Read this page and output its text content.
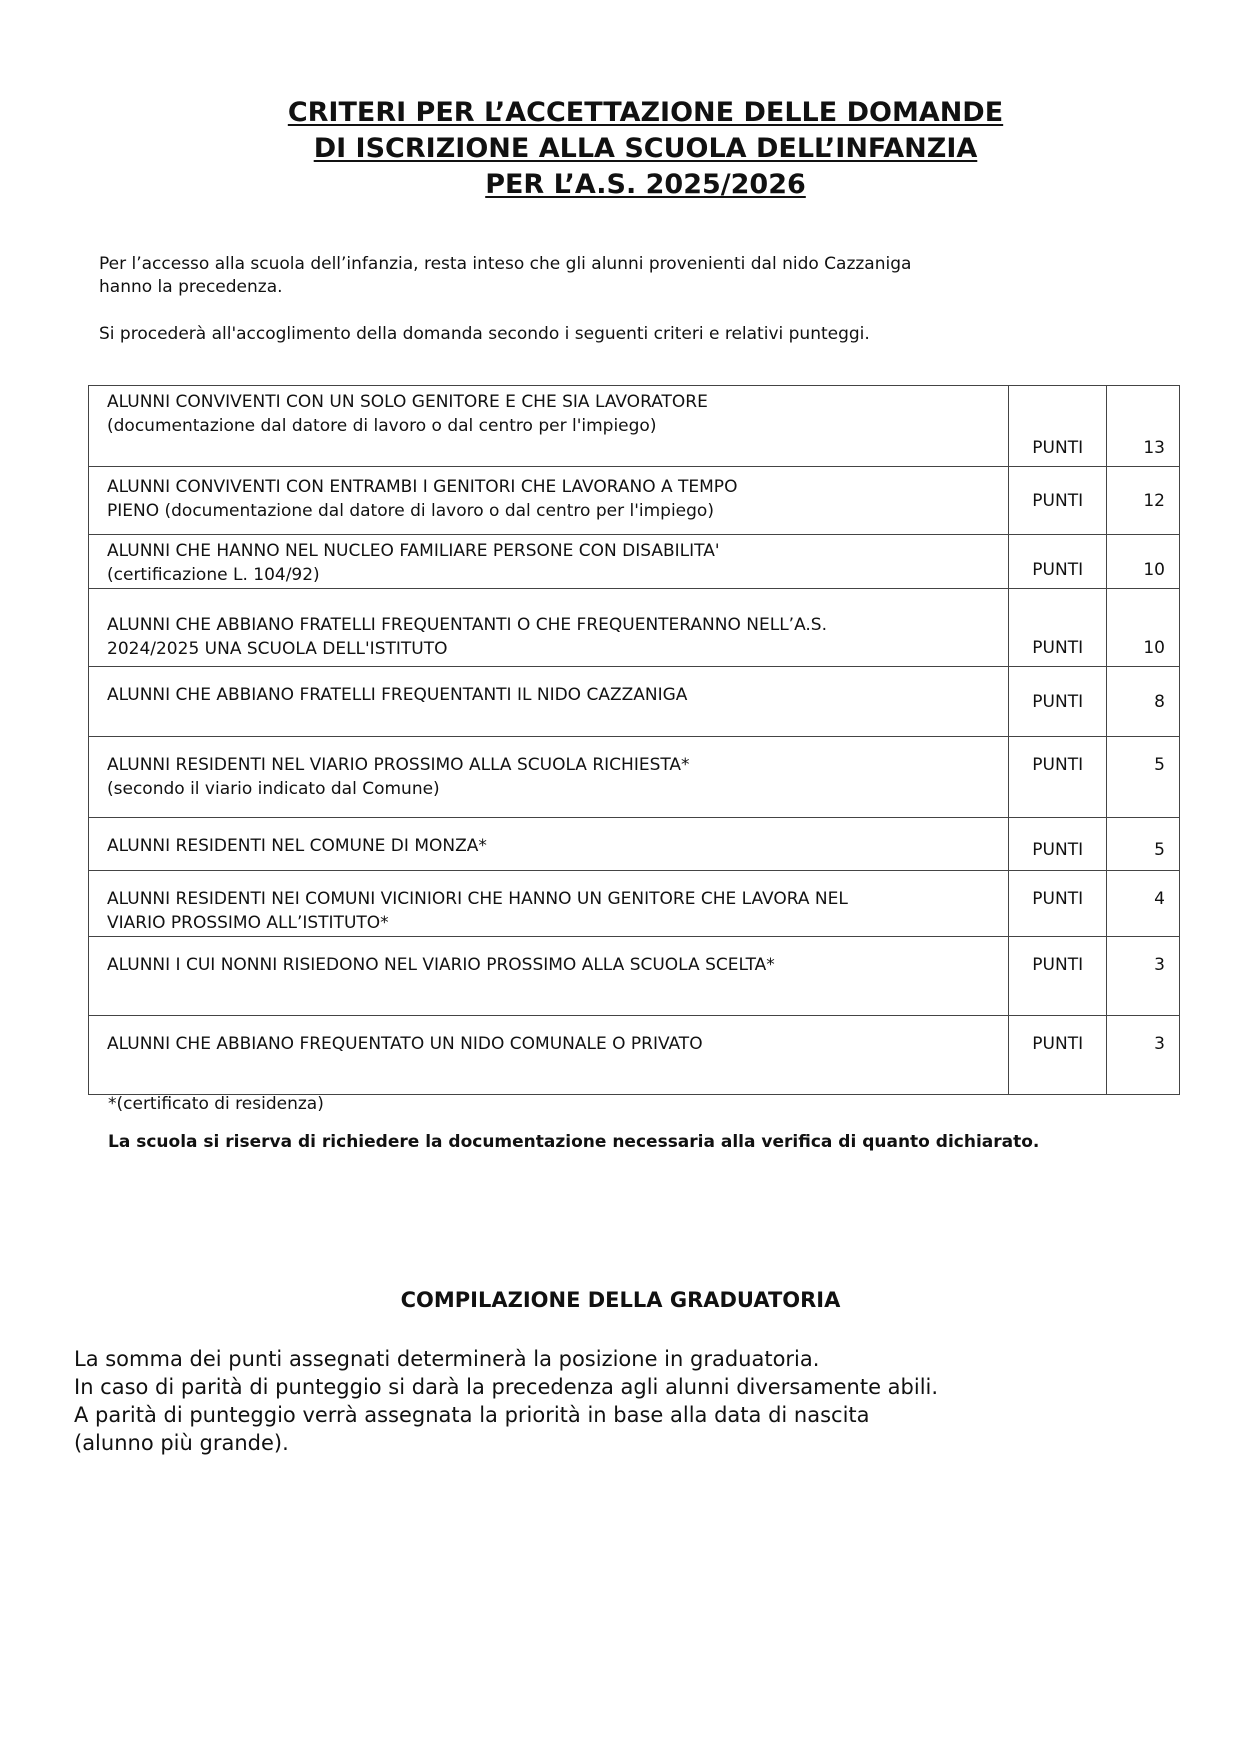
CRITERI PER L’ACCETTAZIONE DELLE DOMANDE
DI ISCRIZIONE ALLA SCUOLA DELL’INFANZIA
PER L’A.S. 2025/2026

Per l’accesso alla scuola dell’infanzia, resta inteso che gli alunni provenienti dal nido Cazzaniga

hanno la precedenza.

Si procederà all'accoglimento della domanda secondo i seguenti criteri e relativi punteggi.

ALUNNI CONVIVENTI CON UN SOLO GENITORE E CHE SIA LAVORATORE
(documentazione dal datore di lavoro o dal centro per l'impiego)	PUNTI	13

ALUNNI CONVIVENTI CON ENTRAMBI I GENITORI CHE LAVORANO A TEMPO
PIENO (documentazione dal datore di lavoro o dal centro per l'impiego)	PUNTI	12

ALUNNI CHE HANNO NEL NUCLEO FAMILIARE PERSONE CON DISABILITA'
(certificazione L. 104/92)	PUNTI	10

ALUNNI CHE ABBIANO FRATELLI FREQUENTANTI O CHE FREQUENTERANNO NELL’A.S.
2024/2025 UNA SCUOLA DELL'ISTITUTO	PUNTI	10

ALUNNI CHE ABBIANO FRATELLI FREQUENTANTI IL NIDO CAZZANIGA	PUNTI	8

ALUNNI RESIDENTI NEL VIARIO PROSSIMO ALLA SCUOLA RICHIESTA*
(secondo il viario indicato dal Comune)	PUNTI	5

ALUNNI RESIDENTI NEL COMUNE DI MONZA*	PUNTI	5

ALUNNI RESIDENTI NEI COMUNI VICINIORI CHE HANNO UN GENITORE CHE LAVORA NEL
VIARIO PROSSIMO ALL’ISTITUTO*	PUNTI	4

ALUNNI I CUI NONNI RISIEDONO NEL VIARIO PROSSIMO ALLA SCUOLA SCELTA*	PUNTI	3

ALUNNI CHE ABBIANO FREQUENTATO UN NIDO COMUNALE O PRIVATO	PUNTI	3
*(certificato di residenza)
La scuola si riserva di richiedere la documentazione necessaria alla verifica di quanto dichiarato.
COMPILAZIONE DELLA GRADUATORIA

La somma dei punti assegnati determinerà la posizione in graduatoria.

In caso di parità di punteggio si darà la precedenza agli alunni diversamente abili.

A parità di punteggio verrà assegnata la priorità in base alla data di nascita

(alunno più grande).
